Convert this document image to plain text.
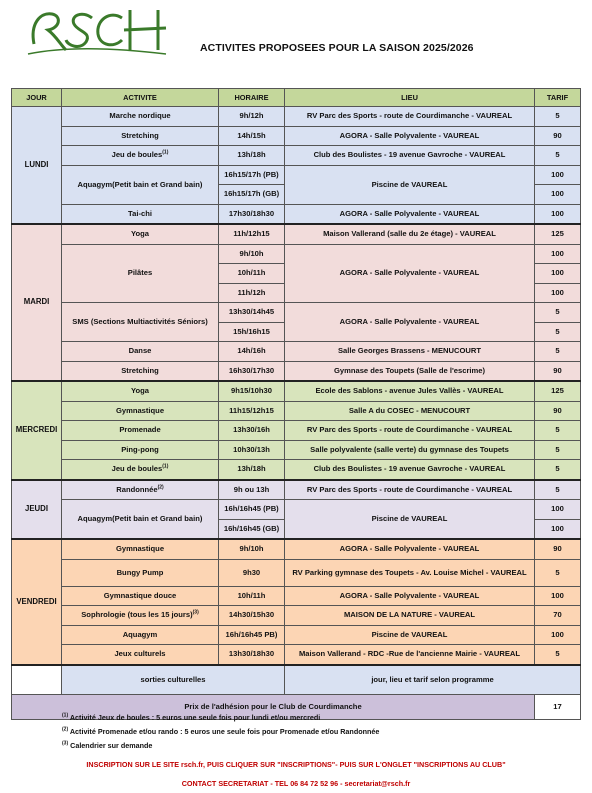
ACTIVITES PROPOSEES POUR LA SAISON 2025/2026
JOUR	ACTIVITE	HORAIRE	LIEU	TARIF
LUNDI	Marche nordique	9h/12h	RV Parc des Sports - route de Courdimanche - VAUREAL	5
	Stretching	14h/15h	AGORA - Salle Polyvalente - VAUREAL	90
	Jeu de boules$^{(1)}$	13h/18h	Club des Boulistes - 19 avenue Gavroche - VAUREAL	5
	Aquagym(Petit bain et Grand bain)	16h15/17h (PB)	Piscine de VAUREAL	100
		16h15/17h (GB)		100
	Tai-chi	17h30/18h30	AGORA - Salle Polyvalente - VAUREAL	100
MARDI	Yoga	11h/12h15	Maison Vallerand (salle du 2e étage) - VAUREAL	125
	Pilâtes	9h/10h	AGORA - Salle Polyvalente - VAUREAL	100
		10h/11h		100
		11h/12h		100
	SMS (Sections Multiactivités Séniors)	13h30/14h45	AGORA - Salle Polyvalente - VAUREAL	5
		15h/16h15		5
	Danse	14h/16h	Salle Georges Brassens - MENUCOURT	5
	Stretching	16h30/17h30	Gymnase des Toupets (Salle de l'escrime)	90
MERCREDI	Yoga	9h15/10h30	Ecole des Sablons - avenue Jules Vallès - VAUREAL	125
	Gymnastique	11h15/12h15	Salle A du COSEC - MENUCOURT	90
	Promenade	13h30/16h	RV Parc des Sports - route de Courdimanche - VAUREAL	5
	Ping-pong	10h30/13h	Salle polyvalente (salle verte) du gymnase des Toupets	5
	Jeu de boules$^{(1)}$	13h/18h	Club des Boulistes - 19 avenue Gavroche - VAUREAL	5
JEUDI	Randonnée$^{(2)}$	9h ou 13h	RV Parc des Sports - route de Courdimanche - VAUREAL	5
	Aquagym(Petit bain et Grand bain)	16h/16h45 (PB)	Piscine de VAUREAL	100
		16h/16h45 (GB)		100
VENDREDI	Gymnastique	9h/10h	AGORA - Salle Polyvalente - VAUREAL	90
	Bungy Pump	9h30	RV Parking gymnase des Toupets - Av. Louise Michel - VAUREAL	5
	Gymnastique douce	10h/11h	AGORA - Salle Polyvalente - VAUREAL	100
	Sophrologie (tous les 15 jours)$^{(3)}$	14h30/15h30	MAISON DE LA NATURE - VAUREAL	70
	Aquagym	16h/16h45 PB)	Piscine de VAUREAL	100
	Jeux culturels	13h30/18h30	Maison Vallerand - RDC -Rue de l'ancienne Mairie - VAUREAL	5
	sorties culturelles		jour, lieu et tarif selon programme	
Prix de l'adhésion pour le Club de Courdimanche				17
$^{(1)}$ Activité Jeux de boules : 5 euros une seule fois pour lundi et/ou mercredi
$^{(2)}$ Activité Promenade et/ou rando : 5 euros une seule fois pour Promenade et/ou Randonnée
$^{(3)}$ Calendrier sur demande
INSCRIPTION SUR LE SITE rsch.fr, PUIS CLIQUER SUR "INSCRIPTIONS"- PUIS SUR L'ONGLET "INSCRIPTIONS AU CLUB"
CONTACT SECRETARIAT - TEL 06 84 72 52 96 - secretariat@rsch.fr
